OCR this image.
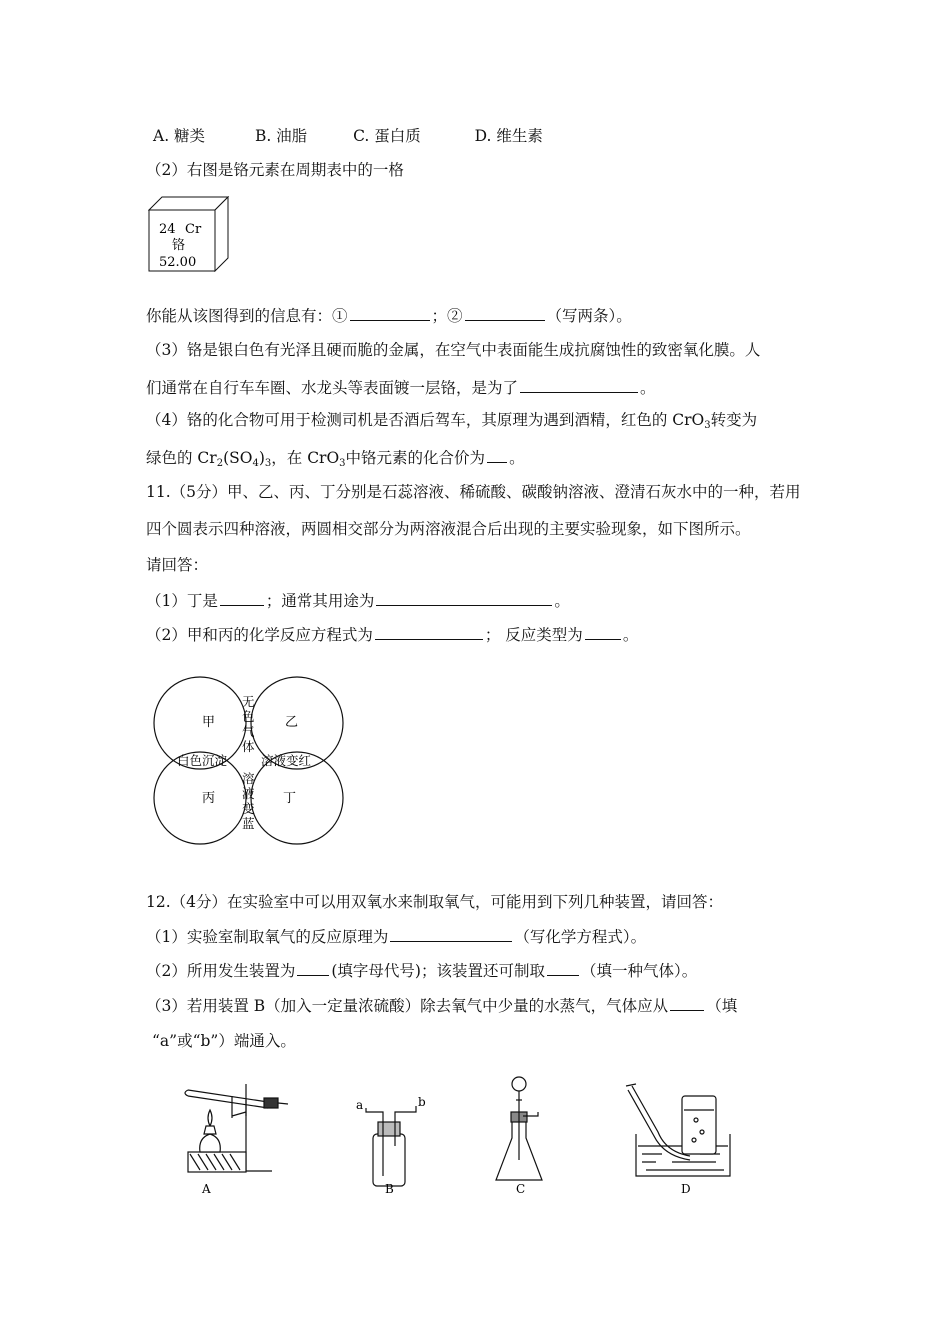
A. 糖类	B. 油脂	C. 蛋白质	D. 维生素
（2）右图是铬元素在周期表中的一格
24 Cr
铬
52.00
你能从该图得到的信息有：①	；②	（写两条）。
（3）铬是银白色有光泽且硬而脆的金属，在空气中表面能生成抗腐蚀性的致密氧化膜。人
们通常在自行车车圈、水龙头等表面镀一层铬，是为了	。
（4）铬的化合物可用于检测司机是否酒后驾车，其原理为遇到酒精，红色的 CrO$_3$转变为
绿色的 $Cr_2(SO_4)_3$，在 CrO$_3$中铬元素的化合价为 。
11.（5分）甲、乙、丙、丁分别是石蕊溶液、稀硫酸、碳酸钠溶液、澄清石灰水中的一种，若用
四个圆表示四种溶液，两圆相交部分为两溶液混合后出现的主要实验现象，如下图所示。
请回答：
（1）丁是	；通常其用途为	。
（2）甲和丙的化学反应方程式为	； 反应类型为	。
甲	乙
丙	丁
无
色
气
体
白色沉淀	溶液变红
溶
液
变
蓝
12.（4分）在实验室中可以用双氧水来制取氧气，可能用到下列几种装置，请回答：
（1）实验室制取氧气的反应原理为	（写化学方程式）。
（2）所用发生装置为 (填字母代号)；该装置还可制取 （填一种气体）。
（3）若用装置 B（加入一定量浓硫酸）除去氧气中少量的水蒸气，气体应从 （填
“a”或“b”）端通入。
A
a	b
B	C	D
